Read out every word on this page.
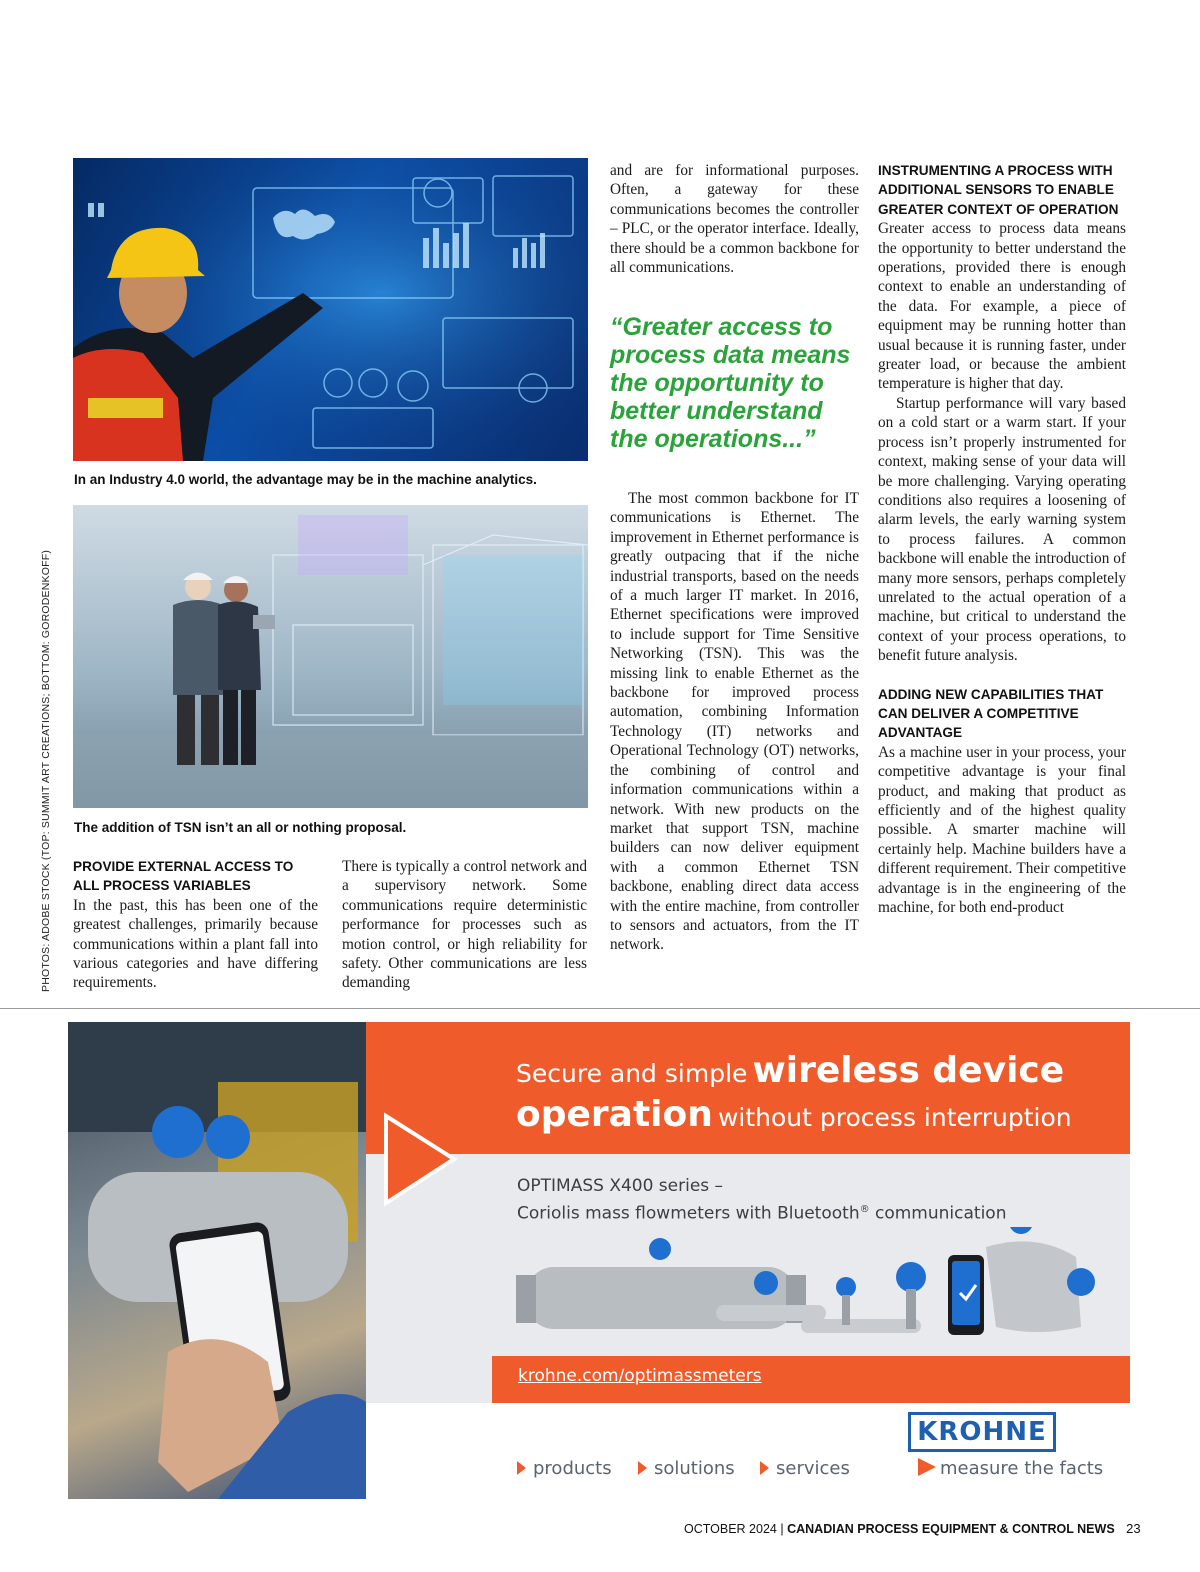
PHOTOS: ADOBE STOCK (TOP: SUMMIT ART CREATIONS; BOTTOM: GORODENKOFF)
In an Industry 4.0 world, the advantage may be in the machine analytics.
The addition of TSN isn’t an all or nothing proposal.
PROVIDE EXTERNAL ACCESS TO ALL PROCESS VARIABLES

In the past, this has been one of the greatest challenges, primarily because communications within a plant fall into various categories and have differing requirements.

There is typically a control network and a supervisory network. Some communications require deterministic performance for processes such as motion control, or high reliability for safety. Other communications are less demanding

and are for informational purposes. Often, a gateway for these communications becomes the controller – PLC, or the operator interface. Ideally, there should be a common backbone for all communications.

“Greater access to process data means the opportunity to better understand the operations...”

The most common backbone for IT communications is Ethernet. The improvement in Ethernet performance is greatly outpacing that if the niche industrial transports, based on the needs of a much larger IT market. In 2016, Ethernet specifications were improved to include support for Time Sensitive Networking (TSN). This was the missing link to enable Ethernet as the backbone for improved process automation, combining Information Technology (IT) networks and Operational Technology (OT) networks, the combining of control and information communications within a network. With new products on the market that support TSN, machine builders can now deliver equipment with a common Ethernet TSN backbone, enabling direct data access with the entire machine, from controller to sensors and actuators, from the IT network.

INSTRUMENTING A PROCESS WITH ADDITIONAL SENSORS TO ENABLE GREATER CONTEXT OF OPERATION

Greater access to process data means the opportunity to better understand the operations, provided there is enough context to enable an understanding of the data. For example, a piece of equipment may be running hotter than usual because it is running faster, under greater load, or because the ambient temperature is higher that day.

Startup performance will vary based on a cold start or a warm start. If your process isn’t properly instrumented for context, making sense of your data will be more challenging. Varying operating conditions also requires a loosening of alarm levels, the early warning system to process failures. A common backbone will enable the introduction of many more sensors, perhaps completely unrelated to the actual operation of a machine, but critical to understand the context of your process operations, to benefit future analysis.

ADDING NEW CAPABILITIES THAT CAN DELIVER A COMPETITIVE ADVANTAGE

As a machine user in your process, your competitive advantage is your final product, and making that product as efficiently and of the highest quality possible. A smarter machine will certainly help. Machine builders have a different requirement. Their competitive advantage is in the engineering of the machine, for both end-product

Secure and simple wireless device
operation without process interruption
OPTIMASS X400 series –
Coriolis mass flowmeters with Bluetooth® communication
krohne.com/optimassmeters
products	solutions	services
KROHNE
measure the facts
OCTOBER 2024 | CANADIAN PROCESS EQUIPMENT & CONTROL NEWS 23
